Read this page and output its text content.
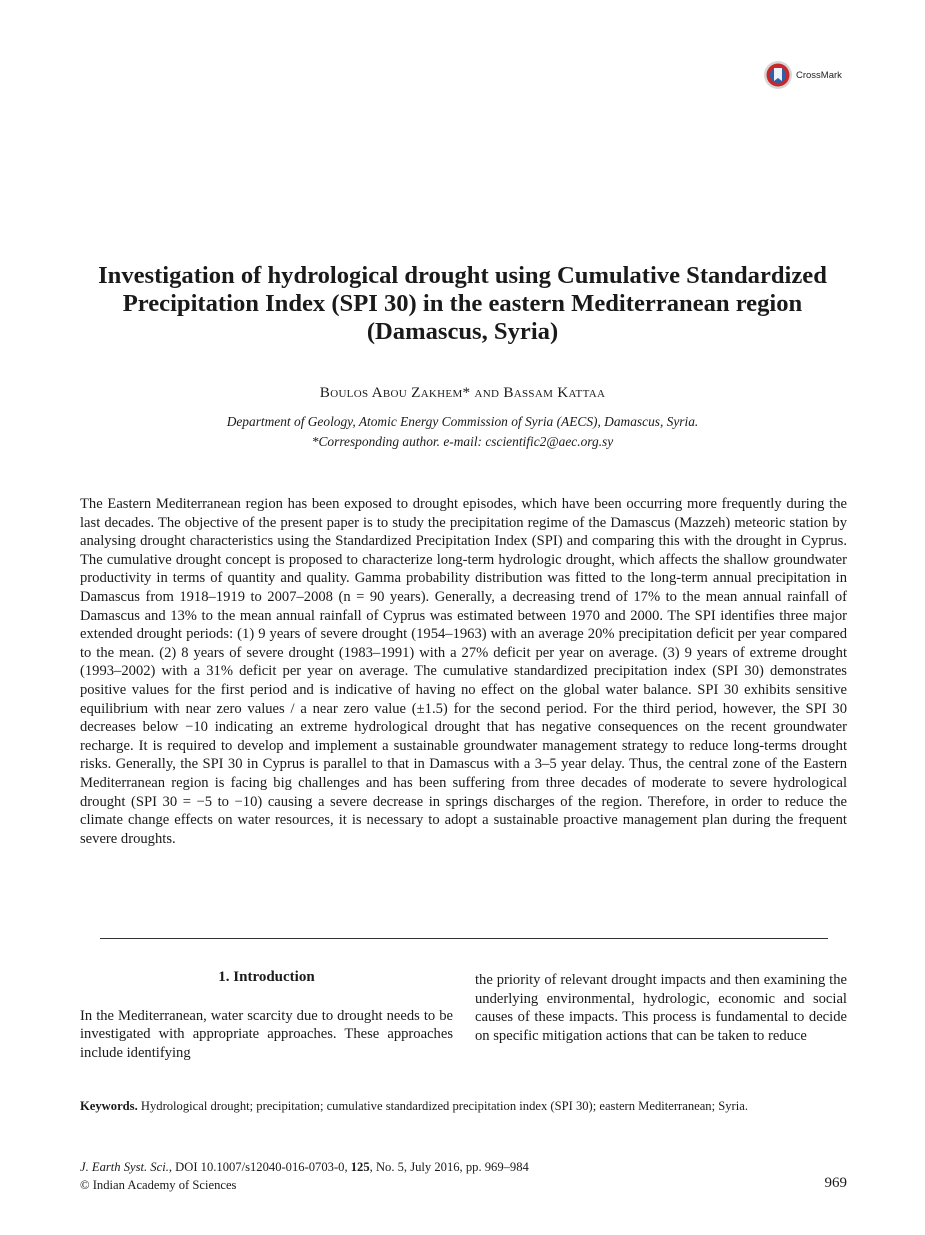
CrossMark
Investigation of hydrological drought using Cumulative Standardized Precipitation Index (SPI 30) in the eastern Mediterranean region (Damascus, Syria)
Boulos Abou Zakhem* and Bassam Kattaa
Department of Geology, Atomic Energy Commission of Syria (AECS), Damascus, Syria.
*Corresponding author. e-mail: cscientific2@aec.org.sy

The Eastern Mediterranean region has been exposed to drought episodes, which have been occurring more frequently during the last decades. The objective of the present paper is to study the precipitation regime of the Damascus (Mazzeh) meteoric station by analysing drought characteristics using the Standardized Precipitation Index (SPI) and comparing this with the drought in Cyprus. The cumulative drought concept is proposed to characterize long-term hydrologic drought, which affects the shallow groundwater productivity in terms of quantity and quality. Gamma probability distribution was fitted to the long-term annual precipitation in Damascus from 1918–1919 to 2007–2008 (n = 90 years). Generally, a decreasing trend of 17% to the mean annual rainfall of Damascus and 13% to the mean annual rainfall of Cyprus was estimated between 1970 and 2000. The SPI identifies three major extended drought periods: (1) 9 years of severe drought (1954–1963) with an average 20% precipitation deficit per year compared to the mean. (2) 8 years of severe drought (1983–1991) with a 27% deficit per year on average. (3) 9 years of extreme drought (1993–2002) with a 31% deficit per year on average. The cumulative standardized precipitation index (SPI 30) demonstrates positive values for the first period and is indicative of having no effect on the global water balance. SPI 30 exhibits sensitive equilibrium with near zero values / a near zero value (±1.5) for the second period. For the third period, however, the SPI 30 decreases below −10 indicating an extreme hydrological drought that has negative consequences on the recent groundwater recharge. It is required to develop and implement a sustainable groundwater management strategy to reduce long-terms drought risks. Generally, the SPI 30 in Cyprus is parallel to that in Damascus with a 3–5 year delay. Thus, the central zone of the Eastern Mediterranean region is facing big challenges and has been suffering from three decades of moderate to severe hydrological drought (SPI 30 = −5 to −10) causing a severe decrease in springs discharges of the region. Therefore, in order to reduce the climate change effects on water resources, it is necessary to adopt a sustainable proactive management plan during the frequent severe droughts.

1. Introduction

In the Mediterranean, water scarcity due to drought needs to be investigated with appropriate approaches. These approaches include identifying

the priority of relevant drought impacts and then examining the underlying environmental, hydrologic, economic and social causes of these impacts. This process is fundamental to decide on specific mitigation actions that can be taken to reduce

Keywords. Hydrological drought; precipitation; cumulative standardized precipitation index (SPI 30); eastern Mediterranean; Syria.

J. Earth Syst. Sci., DOI 10.1007/s12040-016-0703-0, 125, No. 5, July 2016, pp. 969–984
© Indian Academy of Sciences	969
